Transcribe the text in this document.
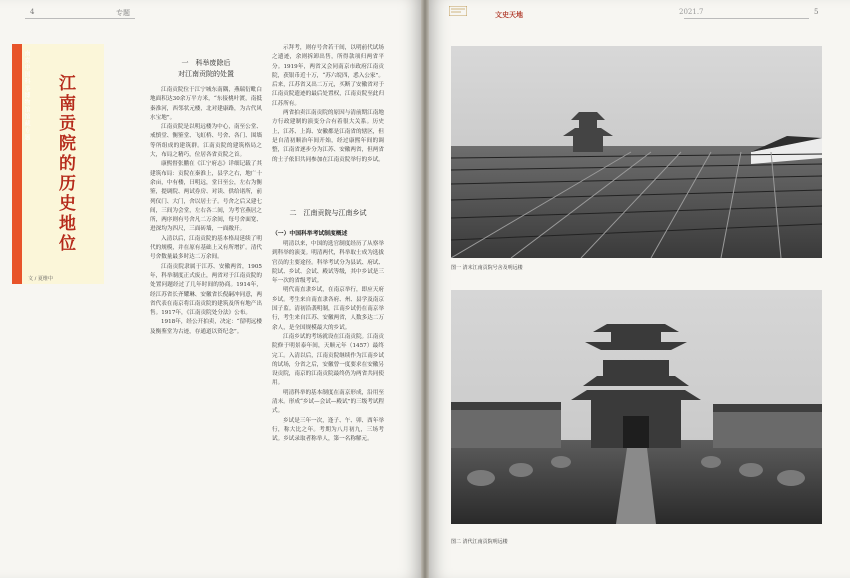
4	专题
南京中国科举博物馆馆藏专题 江南贡院的历史地位
文 / 夏维中
一　科举废除后
对江南贡院的处置

江南贡院位于江宁城东南隅，燕瑞衍毗白地面积达30余万平方米，“东接桃叶渡，南抵秦淮河，西邻状元楼，北对建康路，为古代风水宝地”。

江南贡院是以明远楼为中心，南至公堂、戒慎堂、衡鉴堂、飞虹桥、号舍、各门、围墙等所组成的建筑群。江南贡院的建筑格局之大，布局之精巧，位居各省贡院之首。

康熙督张鹏在《江宁府志》详细记载了其建筑布局：贡院在秦淮上，县学之右，地广十余亩，中有楼，曰明远，堂曰至公，左右为衡鉴，提调院、两试券房、对读、供给诸所，前列仪门、大门，舍以居士子。号舍之后又建七间，三间为会堂，左右各二间，为考官燕居之所，两序则有号舍凡二万余间，每号舍面宽、进深均为四尺，三面砖墙，一面敞开。

入清以后，江南贡院的基本格局延续了明代的规模，并在原有基础上又有所增扩。清代号舍数量最多时达二万余间。

江南贡院隶属于江苏、安徽两省，1905年，科举制度正式废止，两省对于江南贡院的处置问题经过了几年时间的协商。1914年，经江苏省长齐耀琳、安徽省长倪嗣冲同意，两省代表在南京将江南贡院的建筑及所有地产出售。1917年，《江南贡院处分法》公布。

1918年，经公开拍卖，决定：“留明远楼及衡鉴堂为古迹，存通道以资纪念”。

示拜考，则存号舍若干间，以明前代试场之遗迹，余则拆卸出售，所得款项归两省平分。1919年，两省又会同南京市政府江南贡院，获银币近十万，“苏六皖四，悉入公家”。后来，江苏省又出二万元，买断了安徽省对于江南贡院遗迹的最后处置权，江南贡院至此归江苏所有。

两省拍卖江南贡院的原因与清前期江南地方行政建制的演变分合有着很大关系。历史上，江苏、上海、安徽都是江南省的辖区，但是自清初顺治年间开始，经过康熙年间的调整，江南省逐步分为江苏、安徽两省，但两省的士子依旧共同参加在江南贡院举行的乡试。

二　江南贡院与江南乡试
（一）中国科举考试制度概述

明清以来，中国的选官制度经历了从察举到科举的演变。明清两代，科举取士成为选拔官员的主要途径。科举考试分为县试、府试、院试、乡试、会试、殿试等级，其中乡试是三年一次的省级考试。

明代南直隶乡试，在南京举行，即应天府乡试。考生来自南直隶各府、州、县学及南京国子监。清初沿袭明制，江南乡试仍在南京举行，考生来自江苏、安徽两省，人数多达二万余人，是全国规模最大的乡试。

江南乡试的考场就设在江南贡院。江南贡院修于明景泰年间，天顺元年（1457）最终完工。入清以后，江南贡院继续作为江南乡试的试场，分省之后，安徽曾一度要求在安徽另设贡院，南京的江南贡院最终仍为两省共同使用。

明清科举的基本制度在南京形成，沿用至清末。形成“乡试—会试—殿试”的三级考试程式。

乡试是三年一次，逢子、午、卯、酉年举行，称大比之年。考期为八月初九，三场考试。乡试录取者称举人，第一名称解元。

文史天地	2021.7	5
图一 清末江南贡院号舍及明远楼
图二 清代江南贡院明远楼
